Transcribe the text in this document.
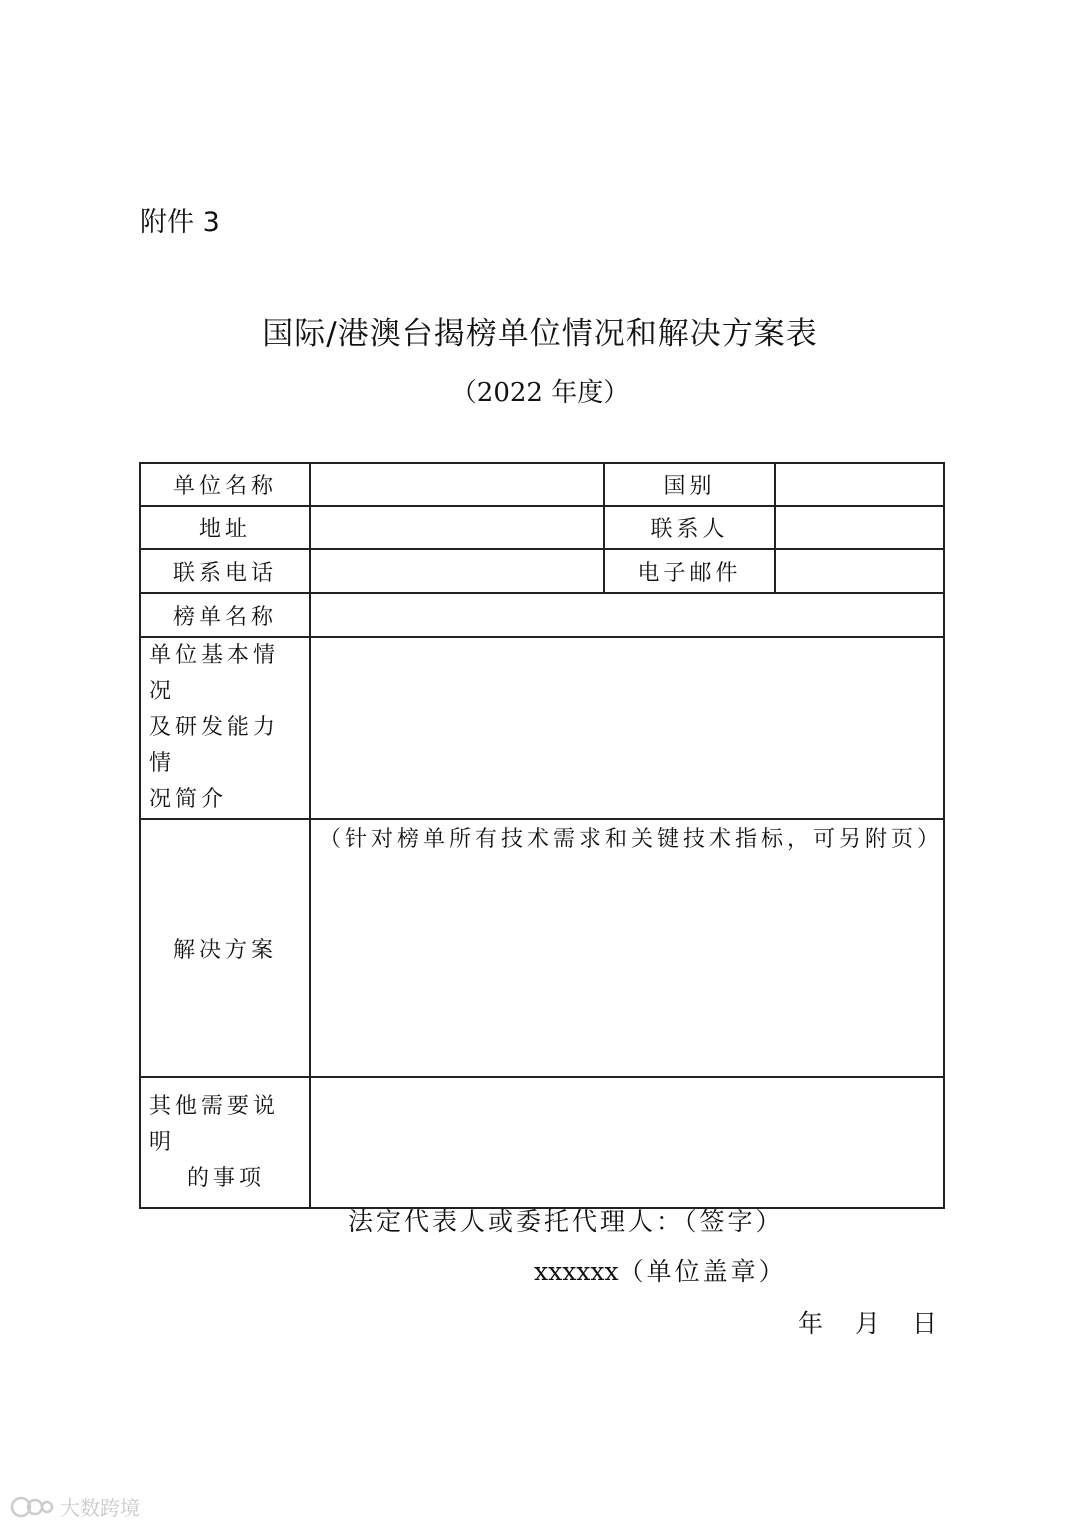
附件 3
国际/港澳台揭榜单位情况和解决方案表
（2022 年度）
单位名称		国别	
地址		联系人	
联系电话		电子邮件	
榜单名称			

单位基本情况
及研发能力情
况简介			

解决方案	（针对榜单所有技术需求和关键技术指标，可另附页）		

其他需要说明
的事项			

法定代表人或委托代理人：（签字）
xxxxxx（单位盖章）
年 月 日
大数跨境
